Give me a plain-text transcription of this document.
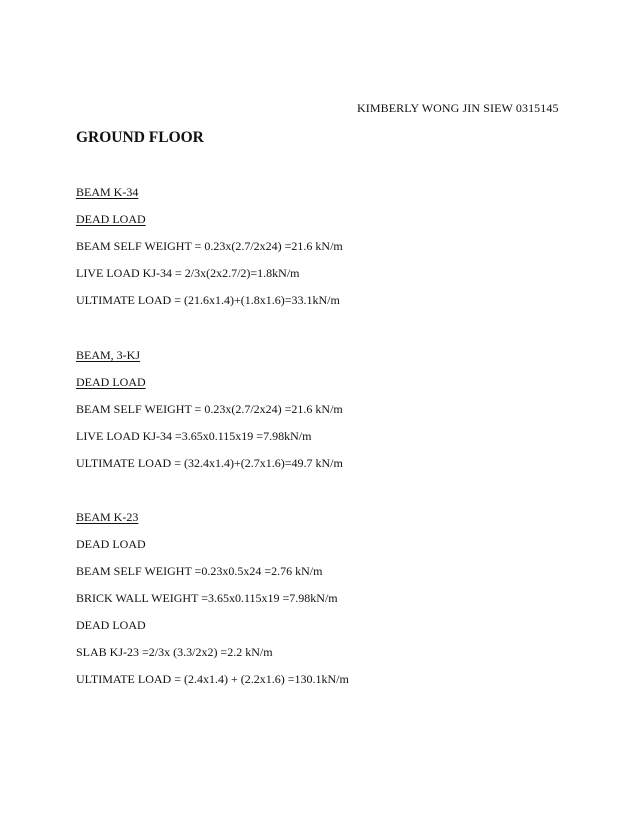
KIMBERLY WONG JIN SIEW 0315145
GROUND FLOOR
BEAM K-34
DEAD LOAD
BEAM SELF WEIGHT = 0.23x(2.7/2x24) =21.6 kN/m
LIVE LOAD KJ-34 = 2/3x(2x2.7/2)=1.8kN/m
ULTIMATE LOAD = (21.6x1.4)+(1.8x1.6)=33.1kN/m
BEAM, 3-KJ
DEAD LOAD
BEAM SELF WEIGHT = 0.23x(2.7/2x24) =21.6 kN/m
LIVE LOAD KJ-34 =3.65x0.115x19 =7.98kN/m
ULTIMATE LOAD = (32.4x1.4)+(2.7x1.6)=49.7 kN/m
BEAM K-23
DEAD LOAD
BEAM SELF WEIGHT =0.23x0.5x24 =2.76 kN/m
BRICK WALL WEIGHT =3.65x0.115x19 =7.98kN/m
DEAD LOAD
SLAB KJ-23 =2/3x (3.3/2x2) =2.2 kN/m
ULTIMATE LOAD = (2.4x1.4) + (2.2x1.6) =130.1kN/m
